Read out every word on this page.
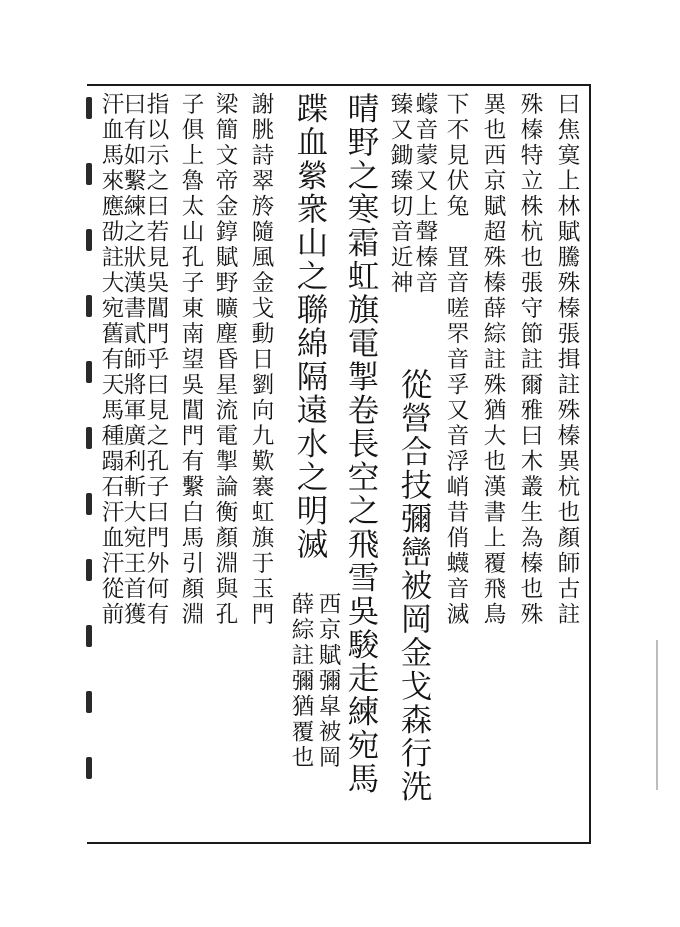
曰焦寞上林賦騰殊榛張揖註殊榛異杭也顏師古註
殊榛特立株杭也張守節註爾雅曰木叢生為榛也殊
異也西京賦超殊榛薛綜註殊猶大也漢書上覆飛鳥
下不見伏兔　罝音嗟罘音孚又音浮峭昔俏蠛音滅
蠓音蒙又上聲榛音
臻又鋤臻切音近神
從營合技彌巒被岡金戈森行洗
晴野之寒霜虹旗電掣卷長空之飛雪吳駿走練宛馬
蹀血縈衆山之聯綿隔遠水之明滅
西京賦彌皐被岡
薛綜註彌猶覆也
謝朓詩翠旍隨風金戈動日劉向九歎褰虹旗于玉門
梁簡文帝金錞賦野曠塵昏星流電掣論衡顏淵與孔
子俱上魯太山孔子東南望吳閶門有繫白馬引顏淵
指以示之曰若見吳閶門乎曰見之孔子曰門外何有
曰有如繫練之狀漢書貳師將軍廣利斬大宛王首獲
汗血馬來應劭註大宛舊有天馬種蹋石汗血汗從前
